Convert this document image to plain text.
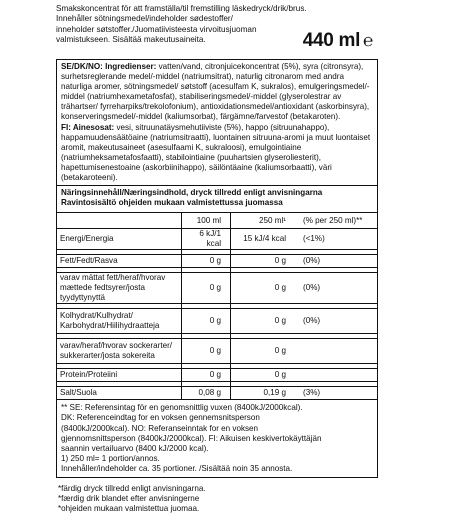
Smakskoncentrat för att framställa/til fremstilling läskedryck/drik/brus.
Innehåller sötningsmedel/indeholder sødestoffer/
inneholder søtstoffer./Juomatiivisteesta virvoitusjuoman
valmistukseen. Sisältää makeutusaineita.	440 ml ℮

SE/DK/NO: Ingredienser: vatten/vand, citronjuicekoncentrat (5%), syra (citronsyra), surhetsreglerande medel/-middel (natriumsitrat), naturlig citronarom med andra naturliga aromer, sötningsmedel/ søtstoff (acesulfam K, sukralos), emulgeringsmedel/-middel (natriumhexametafosfat), stabiliseringsmedel/-middel (glyserolestrar av trähartser/ fyrreharpiks/trekolofonium), antioxidationsmedel/antioxidant (askorbinsyra), konserveringsmedel/-middel (kaliumsorbat), färgämne/farvestof (betakaroten).

FI: Ainesosat: vesi, sitruunatäysmehutiiviste (5%), happo (sitruunahappo), happamuudensäätöaine (natriumsitraatti), luontainen sitruuna-aromi ja muut luontaiset aromit, makeutusaineet (asesulfaami K, sukraloosi), emulgointiaine (natriumheksametafosfaatti), stabilointiaine (puuhartsien glyseroliesterit), hapettumisenestoaine (askorbiinihappo), säilöntäaine (kaliumsorbaatti), väri (betakaroteeni).

Näringsinnehåll/Næringsindhold, dryck tillredd enligt anvisningarna
Ravintosisältö ohjeiden mukaan valmistettussa juomassa
	100 ml	250 ml¹	(% per 250 ml)**
Energi/Energia	6 kJ/1 kcal	15 kJ/4 kcal	(<1%)

Fett/Fedt/Rasva	0 g	0 g	(0%)

varav mättat fett/heraf/hvorav mættede fedtsyrer/josta tyydyttynyttä	0 g	0 g	(0%)

Kolhydrat/Kulhydrat/ Karbohydrat/Hiilihydraatteja	0 g	0 g	(0%)

varav/heraf/hvorav sockerarter/ sukkerarter/josta sokereita	0 g	0 g	

Protein/Proteiini	0 g	0 g	

Salt/Suola	0,08 g	0,19 g	(3%)

** SE: Referensintag för en genomsnittlig vuxen (8400kJ/2000kcal).

DK: Referenceindtag for en voksen gennemsnitsperson

(8400kJ/2000kcal). NO: Referanseinntak for en voksen

gjennomsnittsperson (8400kJ/2000kcal). FI: Aikuisen keskivertokäyttäjän

saannin vertailuarvo (8400 kJ/2000 kcal).

1) 250 ml= 1 portion/annos.

Innehåller/indeholder ca. 35 portioner. /Sisältää noin 35 annosta.

*färdig dryck tillredd enligt anvisningarna.

*færdig drik blandet efter anvisningerne

*ohjeiden mukaan valmistettua juomaa.
